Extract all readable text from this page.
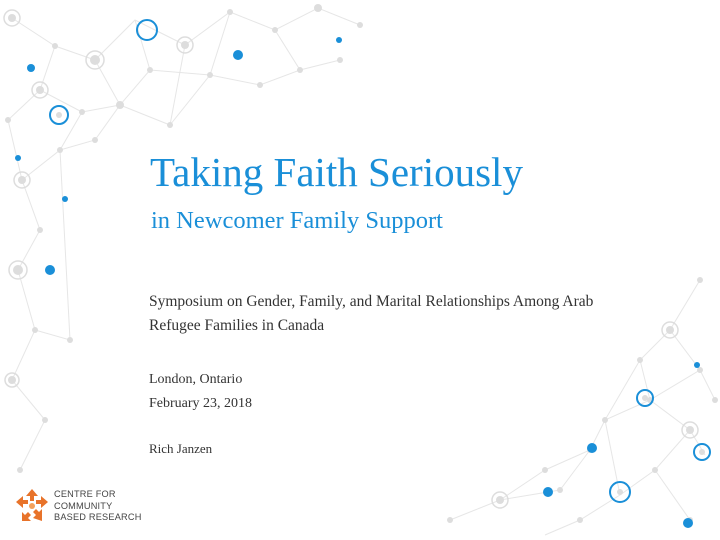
Taking Faith Seriously
in Newcomer Family Support
Symposium on Gender, Family, and Marital Relationships Among Arab
Refugee Families in Canada
London, Ontario
February 23, 2018
Rich Janzen
CENTRE FOR
COMMUNITY
BASED RESEARCH
